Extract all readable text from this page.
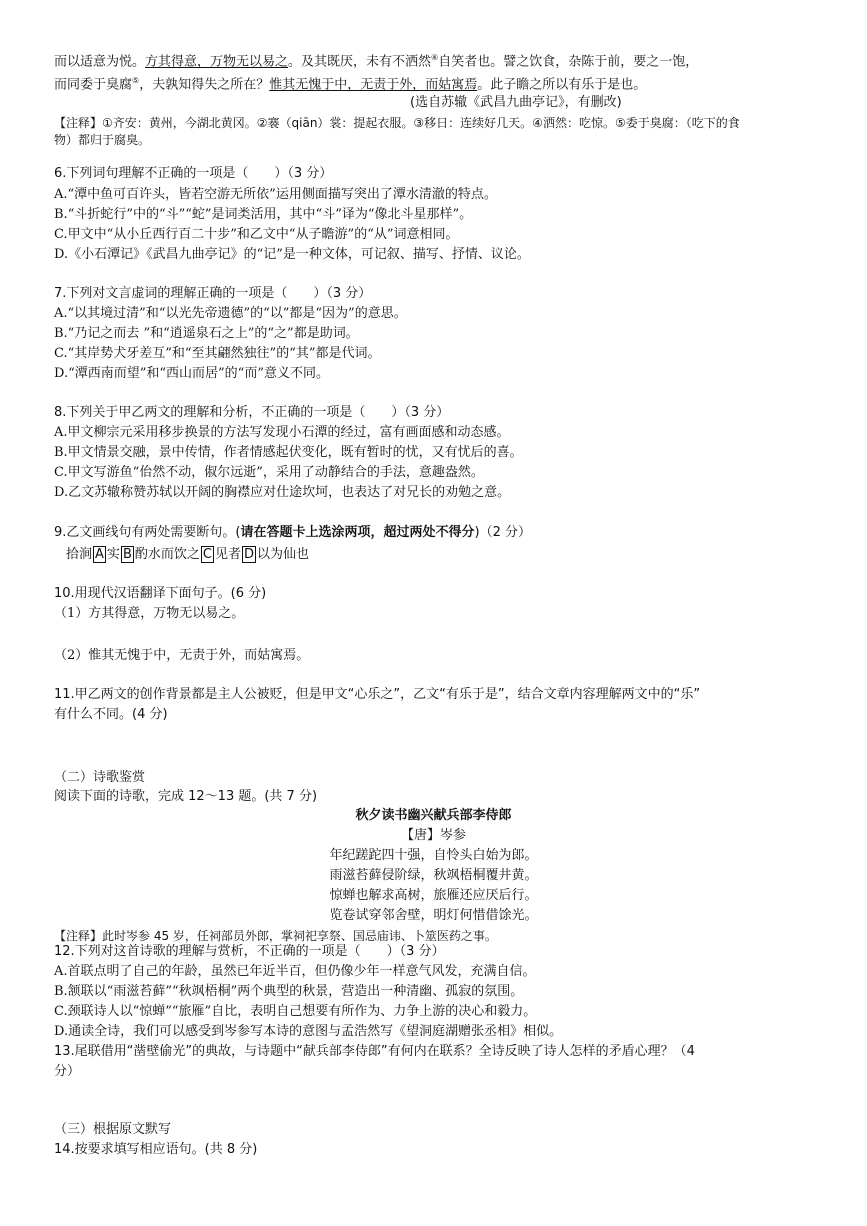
而以适意为悦。方其得意，万物无以易之。及其既厌，未有不洒然④自笑者也。譬之饮食，杂陈于前，要之一饱，
而同委于臭腐⑤，夫孰知得失之所在？惟其无愧于中，无责于外，而姑寓焉。此子瞻之所以有乐于是也。
(选自苏辙《武昌九曲亭记》，有删改)
【注释】①齐安：黄州，今湖北黄冈。②褰（qiān）裳：提起衣服。③移日：连续好几天。④洒然：吃惊。⑤委于臭腐：（吃下的食
物）都归于腐臭。
6.下列词句理解不正确的一项是（　　）（3 分）
A.“潭中鱼可百许头，皆若空游无所依”运用侧面描写突出了潭水清澈的特点。
B.“斗折蛇行”中的“斗”“蛇”是词类活用，其中“斗”译为“像北斗星那样”。
C.甲文中“从小丘西行百二十步”和乙文中“从子瞻游”的“从”词意相同。
D.《小石潭记》《武昌九曲亭记》的“记”是一种文体，可记叙、描写、抒情、议论。
7.下列对文言虚词的理解正确的一项是（　　）（3 分）
A.“以其境过清”和“以光先帝遗德”的“以”都是“因为”的意思。
B.“乃记之而去 ”和“逍遥泉石之上”的“之”都是助词。
C.“其岸势犬牙差互”和“至其翩然独往”的“其”都是代词。
D.“潭西南而望”和“西山而居”的“而”意义不同。
8.下列关于甲乙两文的理解和分析，不正确的一项是（　　）（3 分）
A.甲文柳宗元采用移步换景的方法写发现小石潭的经过，富有画面感和动态感。
B.甲文情景交融，景中传情，作者情感起伏变化，既有暂时的忧，又有忧后的喜。
C.甲文写游鱼“佁然不动，俶尔远逝”，采用了动静结合的手法，意趣盎然。
D.乙文苏辙称赞苏轼以开阔的胸襟应对仕途坎坷，也表达了对兄长的劝勉之意。
9.乙文画线句有两处需要断句。(请在答题卡上选涂两项，超过两处不得分)（2 分）
拾涧 A 实 B 酌水而饮之 C 见者 D 以为仙也
10.用现代汉语翻译下面句子。(6 分)
（1）方其得意，万物无以易之。
（2）惟其无愧于中，无责于外，而姑寓焉。
11.甲乙两文的创作背景都是主人公被贬，但是甲文“心乐之”，乙文“有乐于是”，结合文章内容理解两文中的“乐”
有什么不同。(4 分)
（二）诗歌鉴赏
阅读下面的诗歌，完成 12～13 题。(共 7 分)
秋夕读书幽兴献兵部李侍郎
【唐】岑参
年纪蹉跎四十强，自怜头白始为郎。
雨滋苔藓侵阶绿，秋飒梧桐覆井黄。
惊蝉也解求高树，旅雁还应厌后行。
览卷试穿邻舍壁，明灯何惜借馀光。
【注释】此时岑参 45 岁，任祠部员外郎，掌祠祀享祭、国忌庙讳、卜筮医药之事。
12.下列对这首诗歌的理解与赏析，不正确的一项是（　　）（3 分）
A.首联点明了自己的年龄，虽然已年近半百，但仍像少年一样意气风发，充满自信。
B.颔联以“雨滋苔藓”“秋飒梧桐”两个典型的秋景，营造出一种清幽、孤寂的氛围。
C.颈联诗人以“惊蝉”“旅雁”自比，表明自己想要有所作为、力争上游的决心和毅力。
D.通读全诗，我们可以感受到岑参写本诗的意图与孟浩然写《望洞庭湖赠张丞相》相似。
13.尾联借用“凿壁偷光”的典故，与诗题中“献兵部李侍郎”有何内在联系？全诗反映了诗人怎样的矛盾心理？（4
分）
（三）根据原文默写
14.按要求填写相应语句。(共 8 分)
